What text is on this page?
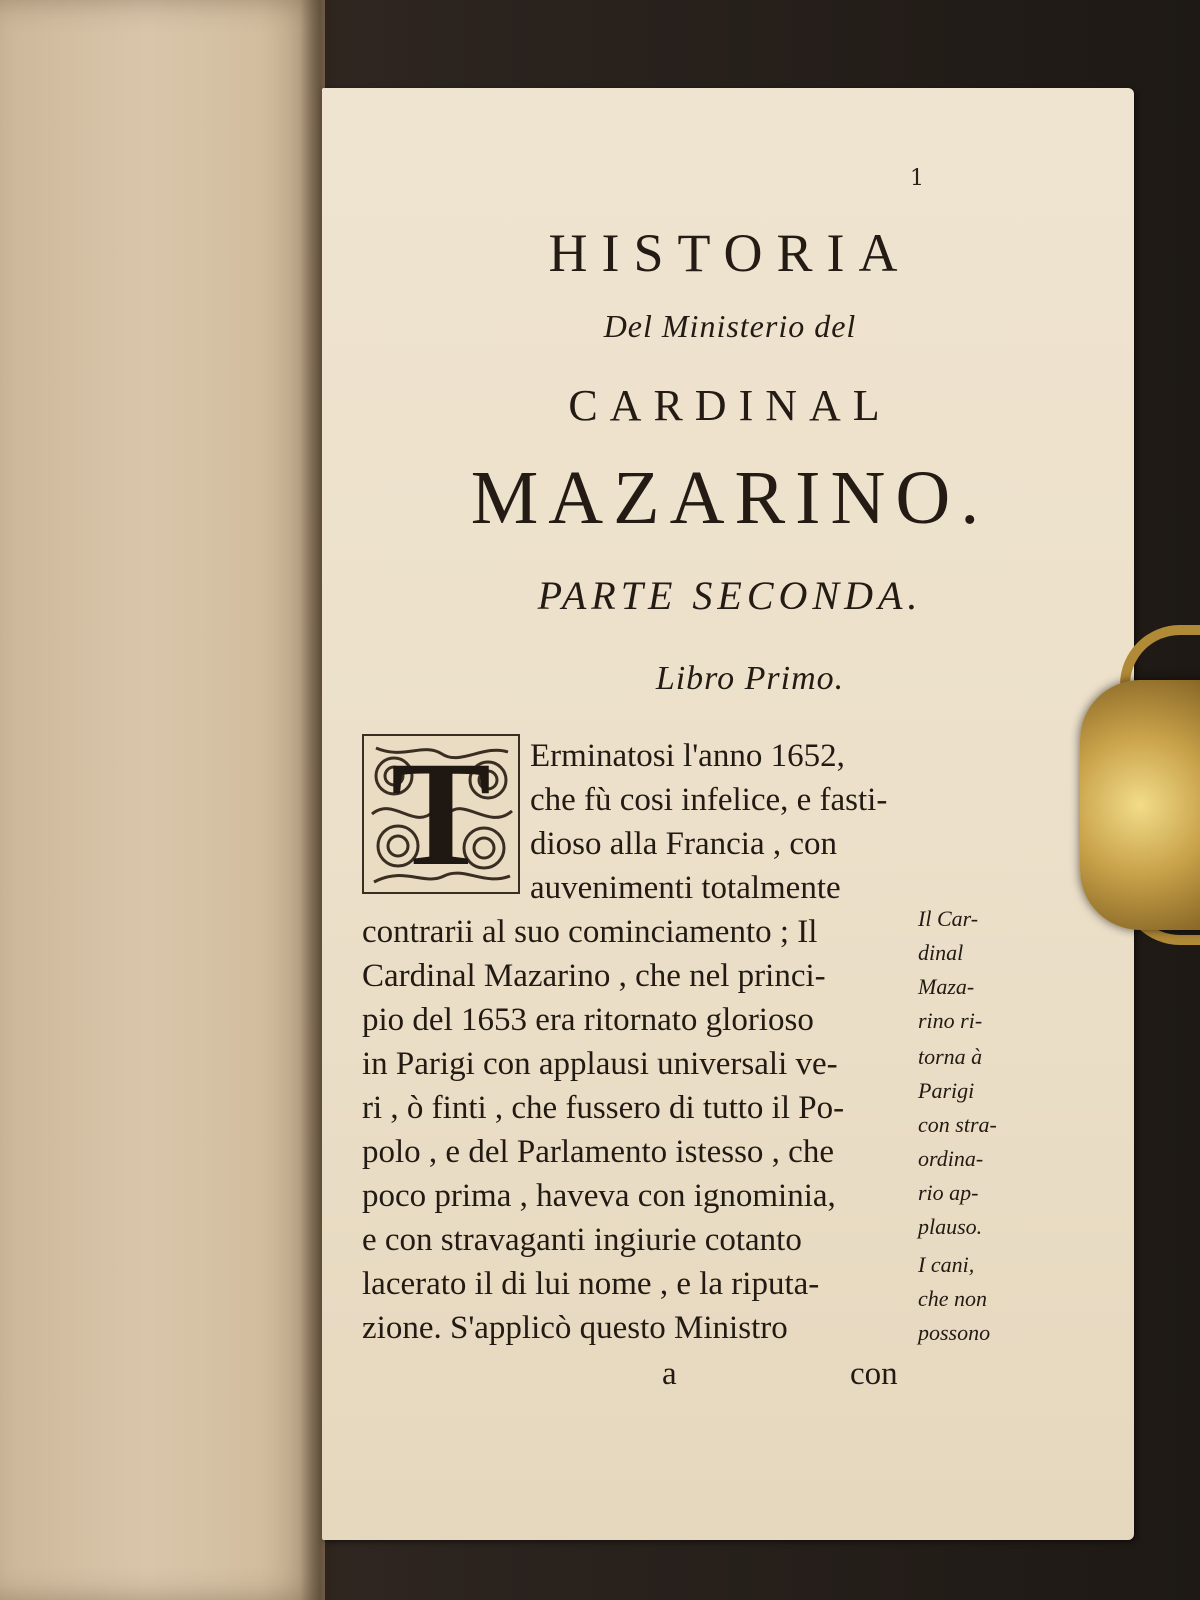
1
HISTORIA
Del Ministerio del
CARDINAL
MAZARINO.
PARTE SECONDA.
Libro Primo.
T	Erminatosi l'anno 1652,
che fù cosi infelice, e fasti-
dioso alla Francia , con
auvenimenti totalmente
contrarii al suo cominciamento ; Il
Cardinal Mazarino , che nel princi-
pio del 1653 era ritornato glorioso
in Parigi con applausi universali ve-
ri , ò finti , che fussero di tutto il Po-
polo , e del Parlamento istesso , che
poco prima , haveva con ignominia,
e con stravaganti ingiurie cotanto
lacerato il di lui nome , e la riputa-
zione. S'applicò questo Ministro
a	con
Il Car-
dinal
Maza-
rino ri-
torna à
Parigi
con stra-
ordina-
rio ap-
plauso.
I cani,
che non
possono
